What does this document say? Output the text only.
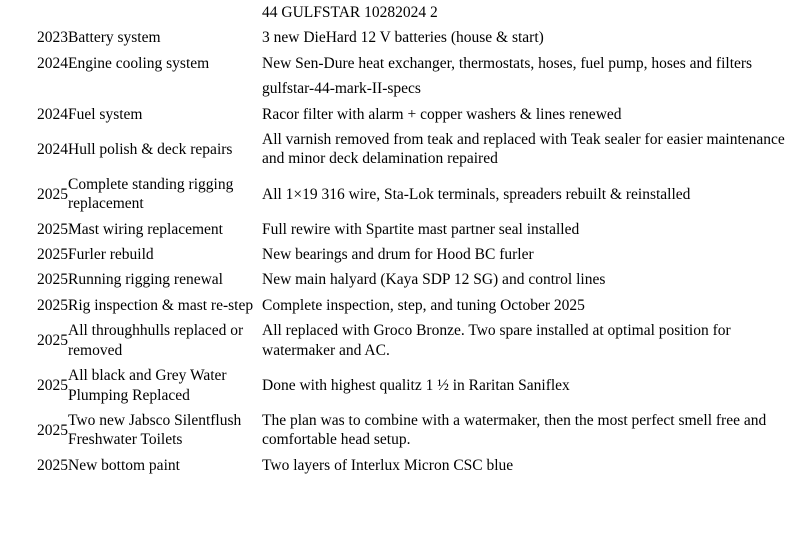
		44 GULFSTAR 10282024 2

2023	Battery system	3 new DieHard 12 V batteries (house & start)

2024	Engine cooling system	New Sen-Dure heat exchanger, thermostats, hoses, fuel pump, hoses and filters

		gulfstar-44-mark-II-specs

2024	Fuel system	Racor filter with alarm + copper washers & lines renewed

2024	Hull polish & deck repairs	All varnish removed from teak and replaced with Teak sealer for easier maintenance and minor deck delamination repaired

2025	Complete standing rigging replacement	All 1×19 316 wire, Sta-Lok terminals, spreaders rebuilt & reinstalled

2025	Mast wiring replacement	Full rewire with Spartite mast partner seal installed

2025	Furler rebuild	New bearings and drum for Hood BC furler

2025	Running rigging renewal	New main halyard (Kaya SDP 12 SG) and control lines

2025	Rig inspection & mast re-step	Complete inspection, step, and tuning October 2025

2025	All throughhulls replaced or removed	All replaced with Groco Bronze. Two spare installed at optimal position for watermaker and AC.

2025	All black and Grey Water Plumping Replaced	Done with highest qualitz 1 ½ in Raritan Saniflex

2025	Two new Jabsco Silentflush Freshwater Toilets	The plan was to combine with a watermaker, then the most perfect smell free and comfortable head setup.

2025	New bottom paint	Two layers of Interlux Micron CSC blue
